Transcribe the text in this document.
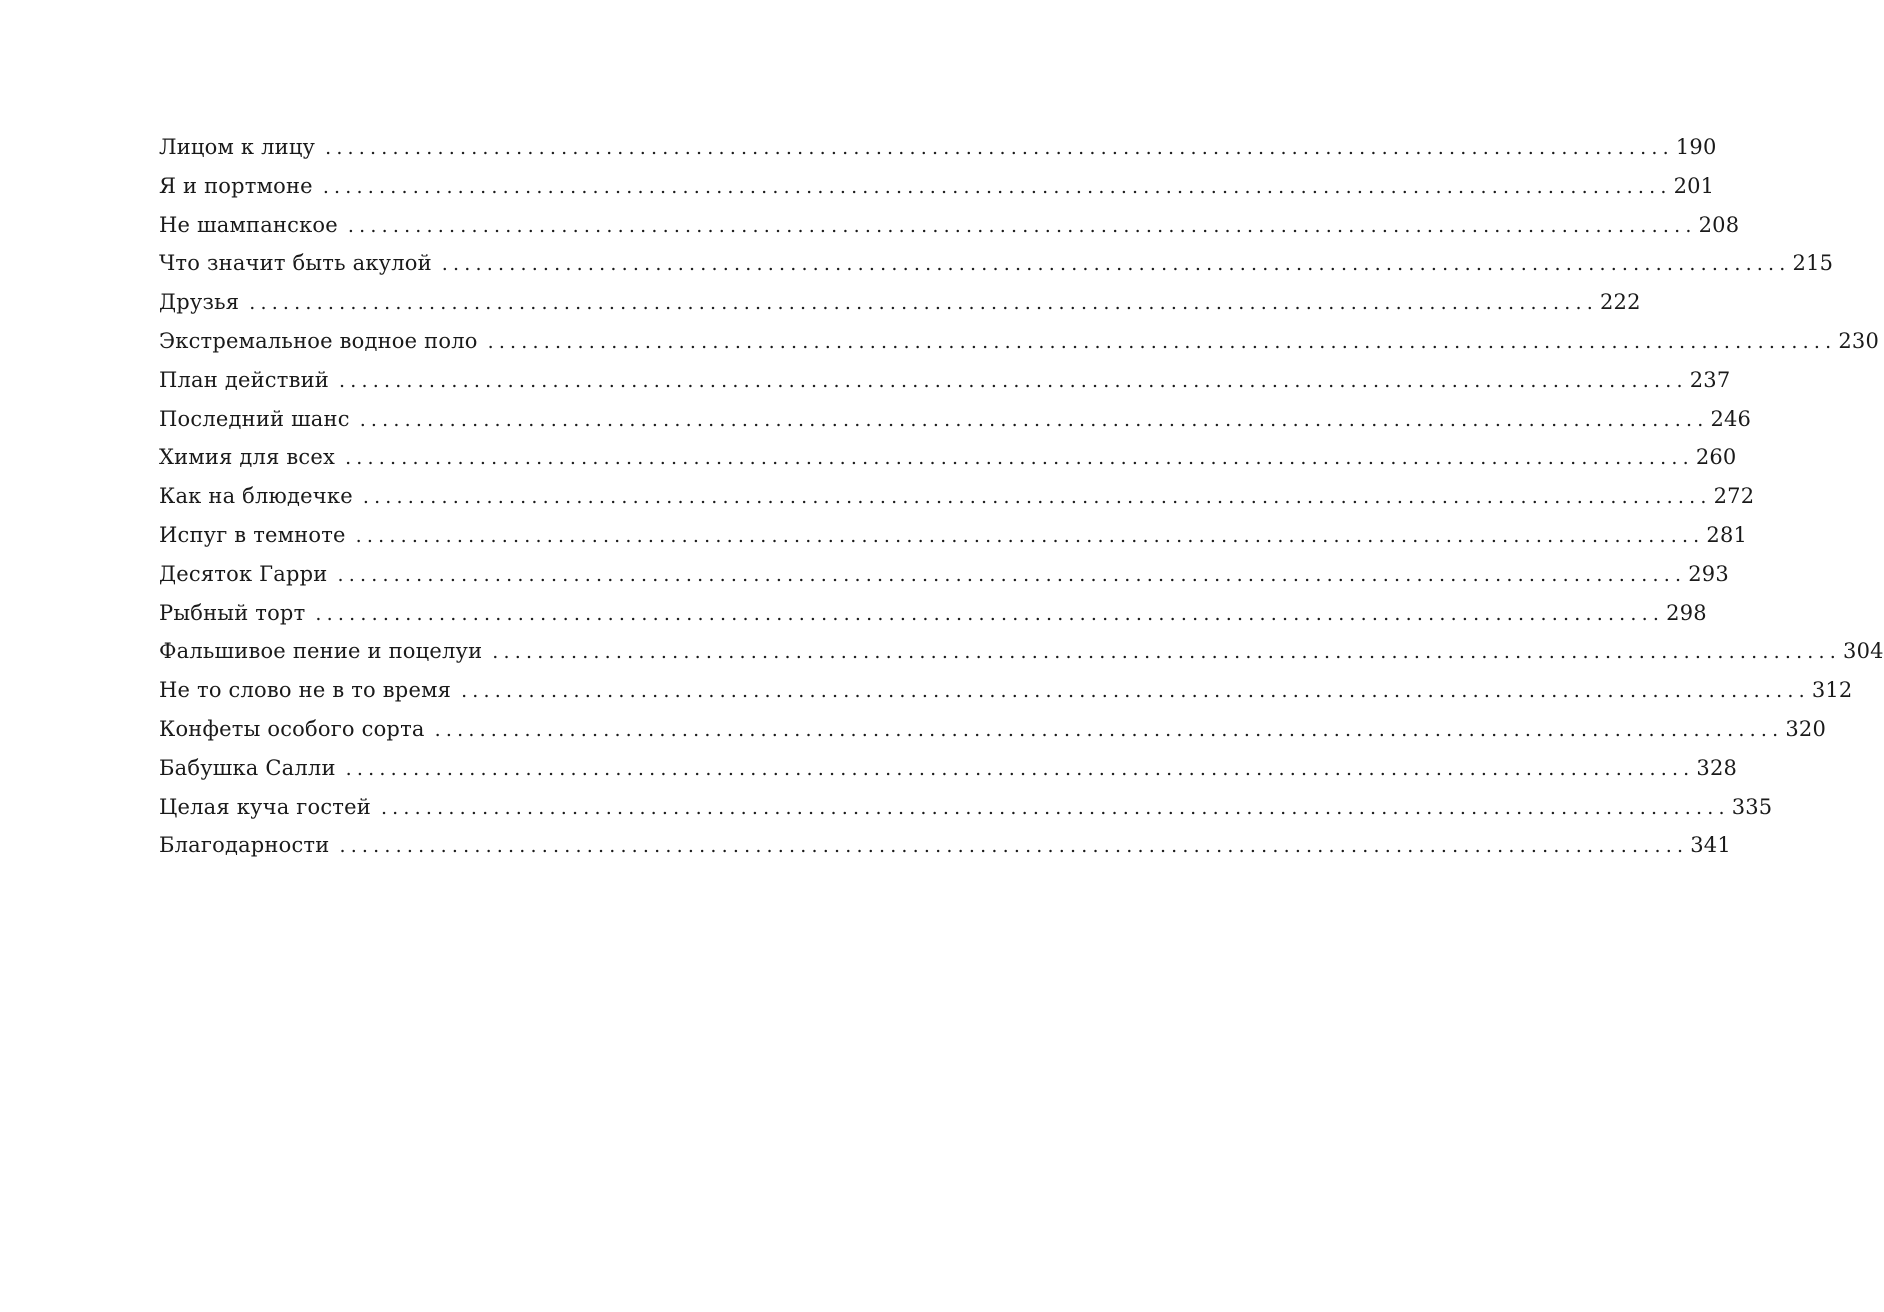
Лицом к лицу ........................................................................................................................ 190
Я и портмоне ........................................................................................................................ 201
Не шампанское ........................................................................................................................ 208
Что значит быть акулой ........................................................................................................................ 215
Друзья ........................................................................................................................ 222
Экстремальное водное поло ........................................................................................................................ 230
План действий ........................................................................................................................ 237
Последний шанс ........................................................................................................................ 246
Химия для всех ........................................................................................................................ 260
Как на блюдечке ........................................................................................................................ 272
Испуг в темноте ........................................................................................................................ 281
Десяток Гарри ........................................................................................................................ 293
Рыбный торт ........................................................................................................................ 298
Фальшивое пение и поцелуи ........................................................................................................................ 304
Не то слово не в то время ........................................................................................................................ 312
Конфеты особого сорта ........................................................................................................................ 320
Бабушка Салли ........................................................................................................................ 328
Целая куча гостей ........................................................................................................................ 335
Благодарности ........................................................................................................................ 341
